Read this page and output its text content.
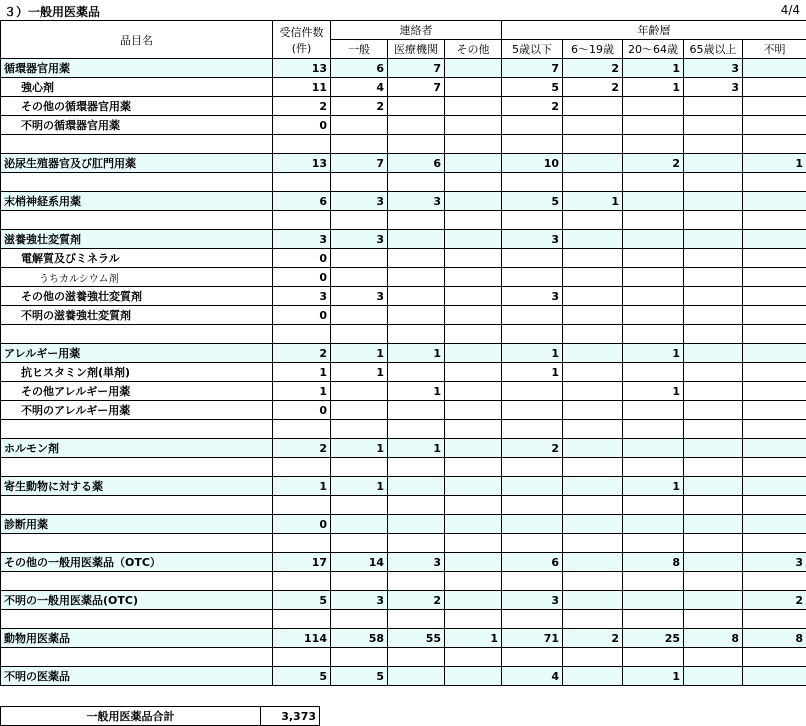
３）一般用医薬品	4/4
品目名	受信件数
(件)	連絡者			年齢層				
		一般	医療機関	その他	5歳以下	6～19歳	20～64歳	65歳以上	不明
循環器官用薬	13	6	7		7	2	1	3	
強心剤	11	4	7		5	2	1	3	
その他の循環器官用薬	2	2			2				
不明の循環器官用薬	0								

泌尿生殖器官及び肛門用薬	13	7	6		10		2		1

末梢神経系用薬	6	3	3		5	1			

滋養強壮変質剤	3	3			3				
電解質及びミネラル	0								
うちカルシウム剤	0								
その他の滋養強壮変質剤	3	3			3				
不明の滋養強壮変質剤	0								

アレルギー用薬	2	1	1		1		1		
抗ヒスタミン剤(単剤)	1	1			1				
その他アレルギー用薬	1		1				1		
不明のアレルギー用薬	0								

ホルモン剤	2	1	1		2				

寄生動物に対する薬	1	1					1		

診断用薬	0								

その他の一般用医薬品（OTC）	17	14	3		6		8		3

不明の一般用医薬品(OTC)	5	3	2		3				2

動物用医薬品	114	58	55	1	71	2	25	8	8

不明の医薬品	5	5			4		1		
一般用医薬品合計	3,373
